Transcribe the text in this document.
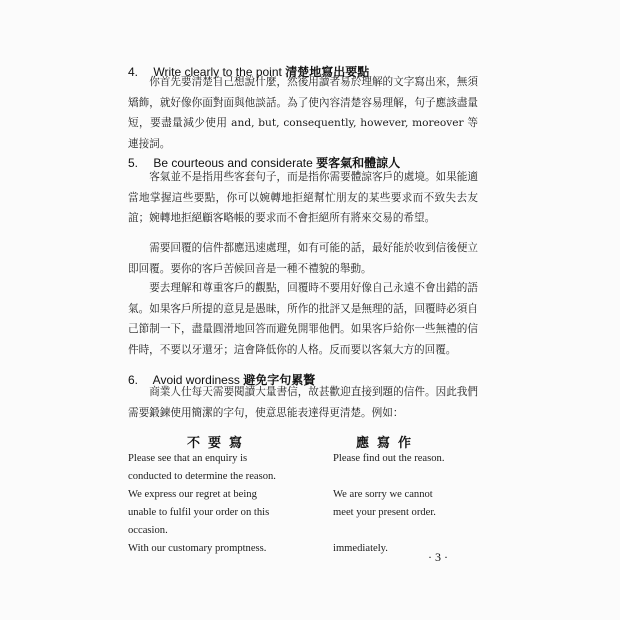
4. Write clearly to the point 清楚地寫出要點

你首先要清楚自己想說什麼，然後用讀者易於理解的文字寫出來，無須矯飾，就好像你面對面與他談話。為了使內容清楚容易理解，句子應該盡量短，要盡量減少使用 and, but, consequently, however, moreover 等連接詞。

5. Be courteous and considerate 要客氣和體諒人

客氣並不是指用些客套句子，而是指你需要體諒客戶的處境。如果能適當地掌握這些要點，你可以婉轉地拒絕幫忙朋友的某些要求而不致失去友誼；婉轉地拒絕顧客略帳的要求而不會拒絕所有將來交易的希望。

需要回覆的信件都應迅速處理，如有可能的話，最好能於收到信後便立即回覆。要你的客戶苦候回音是一種不禮貌的舉動。

要去理解和尊重客戶的觀點，回覆時不要用好像自己永遠不會出錯的語氣。如果客戶所提的意見是愚昧，所作的批評又是無理的話，回覆時必須自己節制一下，盡量圓滑地回答而避免開罪他們。如果客戶給你一些無禮的信件時，不要以牙還牙；這會降低你的人格。反而要以客氣大方的回覆。

6. Avoid wordiness 避免字句累贅

商業人仕每天需要閱讀大量書信，故甚歡迎直接到題的信件。因此我們需要鍛鍊使用簡潔的字句，使意思能表達得更清楚。例如：

不要寫	應寫作
Please see that an enquiry is
conducted to determine the reason.
We express our regret at being
unable to fulfil your order on this
occasion.
With our customary promptness.
Please find out the reason.
We are sorry we cannot
meet your present order.
immediately.
· 3 ·
